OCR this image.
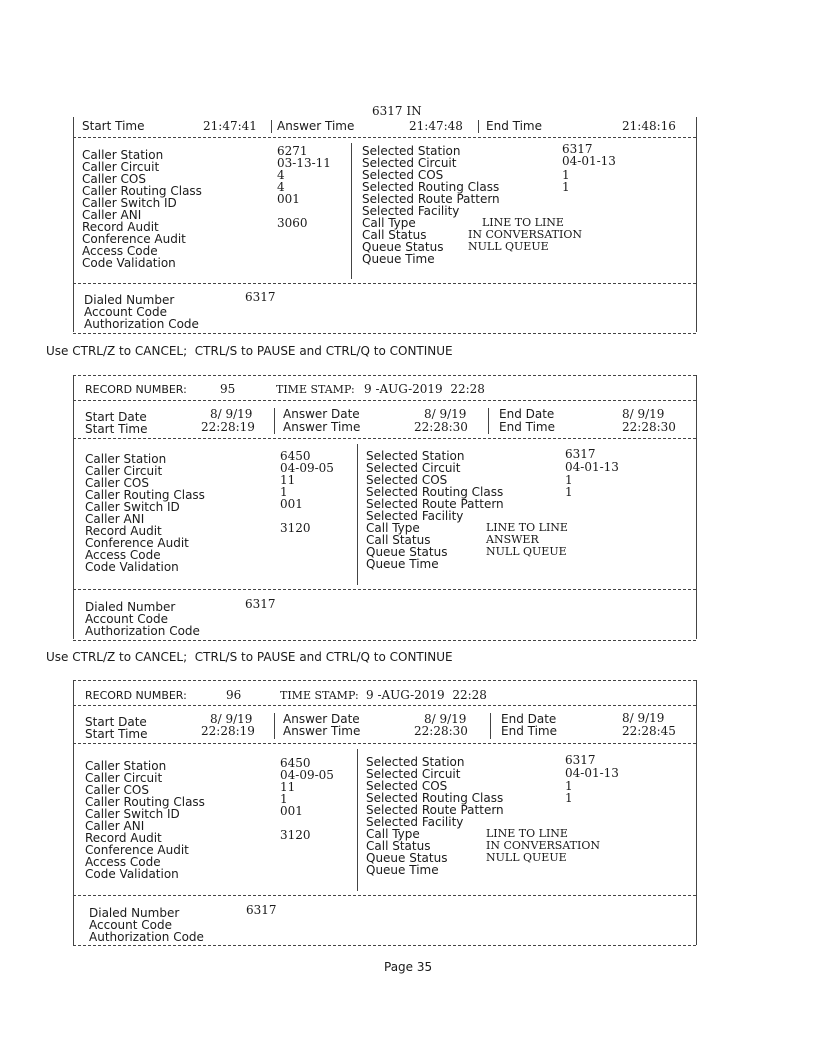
6317 IN
Start Time	21:47:41 Answer Time	21:47:48 End Time	21:48:16
Caller Station	6271
Caller Circuit	03-13-11
Caller COS	4
Caller Routing Class	4
Caller Switch ID	001
Caller ANI
Record Audit	3060
Conference Audit
Access Code
Code Validation
Selected Station	6317
Selected Circuit	04-01-13
Selected COS	1
Selected Routing Class	1
Selected Route Pattern
Selected Facility
Call Type	LINE TO LINE
Call Status	IN CONVERSATION
Queue Status NULL QUEUE
Queue Time
Dialed Number	6317
Account Code
Authorization Code
Use CTRL/Z to CANCEL;  CTRL/S to PAUSE and CTRL/Q to CONTINUE
RECORD NUMBER:	95	TIME STAMP: 9 -AUG-2019  22:28
Start Date	8/ 9/19	Answer Date	8/ 9/19	End Date	8/ 9/19
Start Time	22:28:19 Answer Time	22:28:30	End Time	22:28:30
Caller Station	6450
Caller Circuit	04-09-05
Caller COS	11
Caller Routing Class	1
Caller Switch ID	001
Caller ANI
Record Audit	3120
Conference Audit
Access Code
Code Validation
Selected Station	6317
Selected Circuit	04-01-13
Selected COS	1
Selected Routing Class	1
Selected Route Pattern
Selected Facility
Call Type	LINE TO LINE
Call Status	ANSWER
Queue Status	NULL QUEUE
Queue Time
Dialed Number	6317
Account Code
Authorization Code
Use CTRL/Z to CANCEL;  CTRL/S to PAUSE and CTRL/Q to CONTINUE
RECORD NUMBER:	96	TIME STAMP: 9 -AUG-2019  22:28
Start Date	8/ 9/19	Answer Date	8/ 9/19	End Date	8/ 9/19
Start Time	22:28:19 Answer Time	22:28:30	End Time	22:28:45
Caller Station	6450
Caller Circuit	04-09-05
Caller COS	11
Caller Routing Class	1
Caller Switch ID	001
Caller ANI
Record Audit	3120
Conference Audit
Access Code
Code Validation
Selected Station	6317
Selected Circuit	04-01-13
Selected COS	1
Selected Routing Class	1
Selected Route Pattern
Selected Facility
Call Type	LINE TO LINE
Call Status	IN CONVERSATION
Queue Status	NULL QUEUE
Queue Time
Dialed Number	6317
Account Code
Authorization Code
Page 35
